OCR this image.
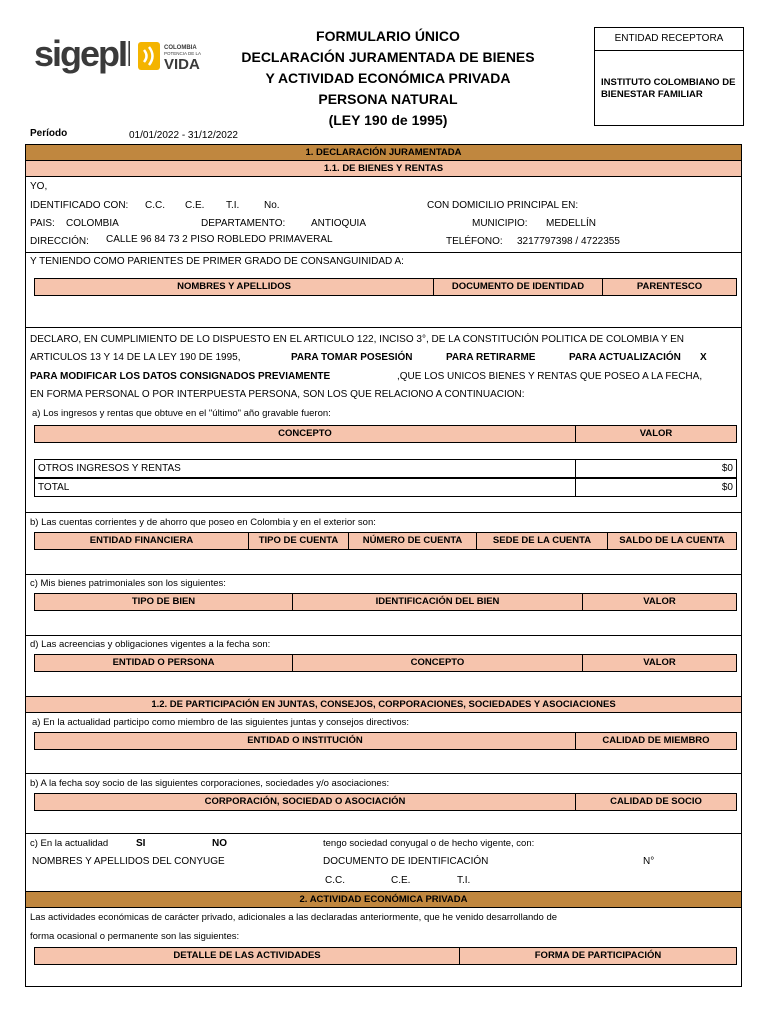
sigepII	COLOMBIA
POTENCIA DE LA
VIDA
FORMULARIO ÚNICO
DECLARACIÓN JURAMENTADA DE BIENES
Y ACTIVIDAD ECONÓMICA PRIVADA
PERSONA NATURAL
(LEY 190 de 1995)
ENTIDAD RECEPTORA
INSTITUTO COLOMBIANO DE BIENESTAR FAMILIAR
Período	01/01/2022 - 31/12/2022
1. DECLARACIÓN JURAMENTADA
1.1. DE BIENES Y RENTAS
YO,
IDENTIFICADO CON: C.C. C.E. T.I. No.	CON DOMICILIO PRINCIPAL EN:
PAIS: COLOMBIA	DEPARTAMENTO:	ANTIOQUIA	MUNICIPIO: MEDELLÍN
DIRECCIÓN: CALLE 96 84 73 2 PISO ROBLEDO PRIMAVERAL	TELÉFONO: 3217797398 / 4722355
Y TENIENDO COMO PARIENTES DE PRIMER GRADO DE CONSANGUINIDAD A:
NOMBRES Y APELLIDOS	DOCUMENTO DE IDENTIDAD	PARENTESCO
DECLARO, EN CUMPLIMIENTO DE LO DISPUESTO EN EL ARTICULO 122, INCISO 3°, DE LA CONSTITUCIÓN POLITICA DE COLOMBIA Y EN
ARTICULOS 13 Y 14 DE LA LEY 190 DE 1995,	PARA TOMAR POSESIÓN	PARA RETIRARME	PARA ACTUALIZACIÓN X
PARA MODIFICAR LOS DATOS CONSIGNADOS PREVIAMENTE	,QUE LOS UNICOS BIENES Y RENTAS QUE POSEO A LA FECHA,
EN FORMA PERSONAL O POR INTERPUESTA PERSONA, SON LOS QUE RELACIONO A CONTINUACION:
a) Los ingresos y rentas que obtuve en el "último" año gravable fueron:
CONCEPTO	VALOR
OTROS INGRESOS Y RENTAS	$0
TOTAL	$0
b) Las cuentas corrientes y de ahorro que poseo en Colombia y en el exterior son:
ENTIDAD FINANCIERA	TIPO DE CUENTA	NÚMERO DE CUENTA	SEDE DE LA CUENTA	SALDO DE LA CUENTA
c) Mis bienes patrimoniales son los siguientes:
TIPO DE BIEN	IDENTIFICACIÓN DEL BIEN	VALOR
d) Las acreencias y obligaciones vigentes a la fecha son:
ENTIDAD O PERSONA	CONCEPTO	VALOR
1.2. DE PARTICIPACIÓN EN JUNTAS, CONSEJOS, CORPORACIONES, SOCIEDADES Y ASOCIACIONES
a) En la actualidad participo como miembro de las siguientes juntas y consejos directivos:
ENTIDAD O INSTITUCIÓN	CALIDAD DE MIEMBRO
b) A la fecha soy socio de las siguientes corporaciones, sociedades y/o asociaciones:
CORPORACIÓN, SOCIEDAD O ASOCIACIÓN	CALIDAD DE SOCIO
c) En la actualidad	SI	NO	tengo sociedad conyugal o de hecho vigente, con:
NOMBRES Y APELLIDOS DEL CONYUGE	DOCUMENTO DE IDENTIFICACIÓN	N°
C.C.	C.E.	T.I.
2. ACTIVIDAD ECONÓMICA PRIVADA
Las actividades económicas de carácter privado, adicionales a las declaradas anteriormente, que he venido desarrollando de
forma ocasional o permanente son las siguientes:
DETALLE DE LAS ACTIVIDADES	FORMA DE PARTICIPACIÓN
